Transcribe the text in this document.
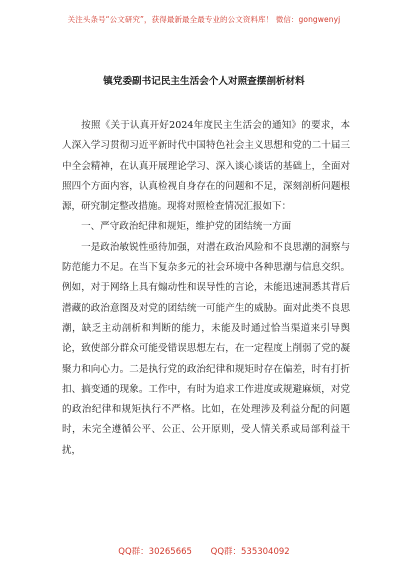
关注头条号“公文研究”，获得最新最全最专业的公文资料库！ 微信：gongwenyj
镇党委副书记民主生活会个人对照查摆剖析材料

按照《关于认真开好2024年度民主生活会的通知》的要求，本人深入学习贯彻习近平新时代中国特色社会主义思想和党的二十届三中全会精神，在认真开展理论学习、深入谈心谈话的基础上，全面对照四个方面内容，认真检视自身存在的问题和不足，深刻剖析问题根源，研究制定整改措施。现将对照检查情况汇报如下：

一、严守政治纪律和规矩，维护党的团结统一方面

一是政治敏锐性亟待加强，对潜在政治风险和不良思潮的洞察与防范能力不足。在当下复杂多元的社会环境中各种思潮与信息交织。例如，对于网络上具有煽动性和误导性的言论，未能迅速洞悉其背后潜藏的政治意图及对党的团结统一可能产生的威胁。面对此类不良思潮，缺乏主动剖析和判断的能力，未能及时通过恰当渠道来引导舆论，致使部分群众可能受错误思想左右，在一定程度上削弱了党的凝聚力和向心力。二是执行党的政治纪律和规矩时存在偏差，时有打折扣、搞变通的现象。工作中，有时为追求工作进度或规避麻烦，对党的政治纪律和规矩执行不严格。比如，在处理涉及利益分配的问题时，未完全遵循公平、公正、公开原则，受人情关系或局部利益干扰，

QQ群：30265665 QQ群：535304092
